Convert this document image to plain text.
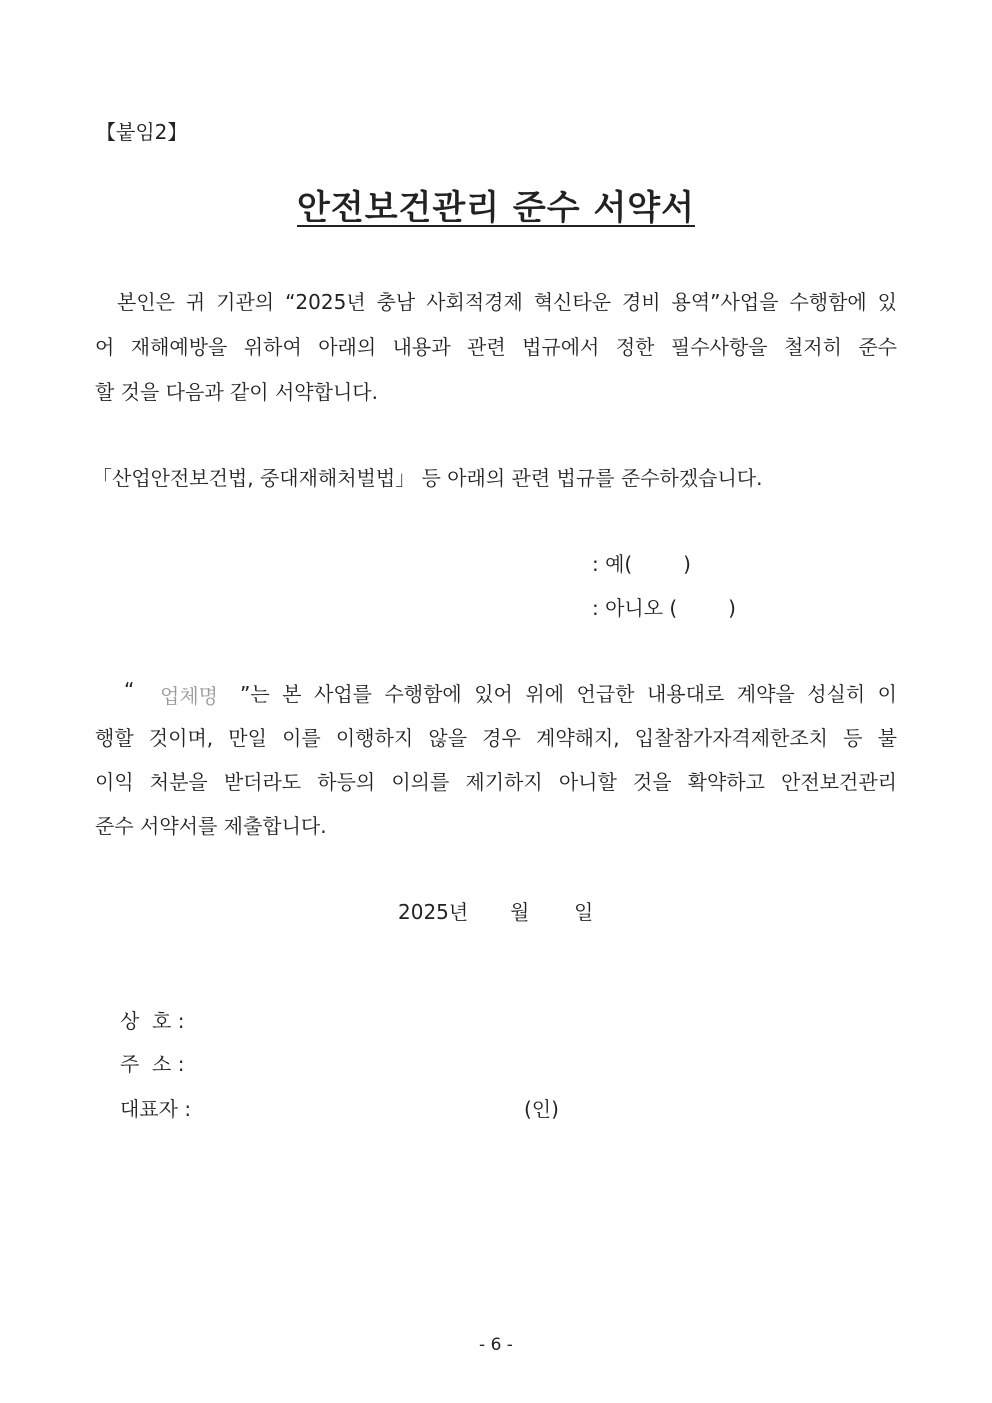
【붙임2】
안전보건관리 준수 서약서
본인은 귀 기관의 “2025년 충남 사회적경제 혁신타운 경비 용역”사업을 수행함에 있
어 재해예방을 위하여 아래의 내용과 관련 법규에서 정한 필수사항을 철저히 준수
할 것을 다음과 같이 서약합니다.
「산업안전보건법, 중대재해처벌법」 등 아래의 관련 법규를 준수하겠습니다.
: 예(        )
: 아니오 (        )
“ 업체명 ”는 본 사업를 수행함에 있어 위에 언급한 내용대로 계약을 성실히 이
행할 것이며, 만일 이를 이행하지 않을 경우 계약해지, 입찰참가자격제한조치 등 불
이익 처분을 받더라도 하등의 이의를 제기하지 아니할 것을 확약하고 안전보건관리
준수 서약서를 제출합니다.
2025년 월 일
상  호 :
주  소 :
대표자 :	(인)
- 6 -
